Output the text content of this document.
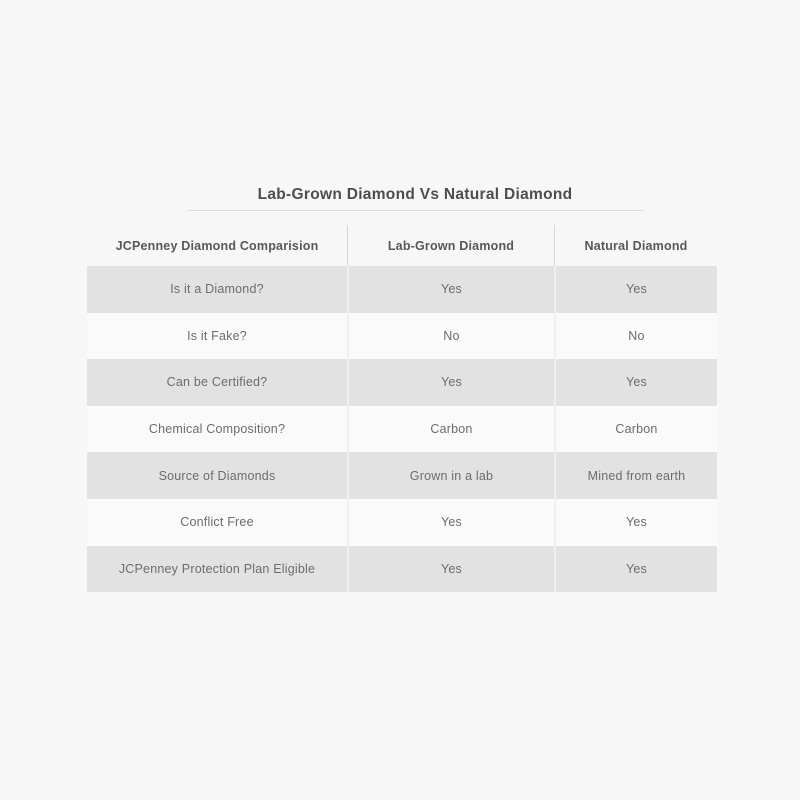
Lab-Grown Diamond Vs Natural Diamond
JCPenney Diamond Comparision	Lab-Grown Diamond	Natural Diamond
Is it a Diamond?	Yes	Yes
Is it Fake?	No	No
Can be Certified?	Yes	Yes
Chemical Composition?	Carbon	Carbon
Source of Diamonds	Grown in a lab	Mined from earth
Conflict Free	Yes	Yes
JCPenney Protection Plan Eligible	Yes	Yes
